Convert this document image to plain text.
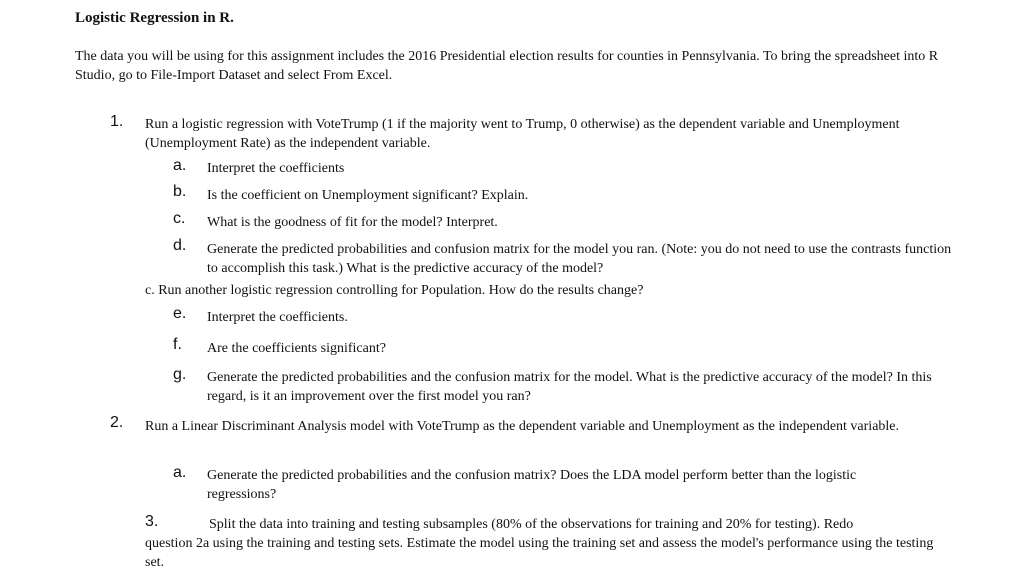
Logistic Regression in R.
The data you will be using for this assignment includes the 2016 Presidential election results for counties in Pennsylvania. To bring the spreadsheet into R Studio, go to File-Import Dataset and select From Excel.
1. Run a logistic regression with VoteTrump (1 if the majority went to Trump, 0 otherwise) as the dependent variable and Unemployment (Unemployment Rate) as the independent variable.
a. Interpret the coefficients
b. Is the coefficient on Unemployment significant? Explain.
c. What is the goodness of fit for the model? Interpret.
d. Generate the predicted probabilities and confusion matrix for the model you ran. (Note: you do not need to use the contrasts function to accomplish this task.) What is the predictive accuracy of the model?
c. Run another logistic regression controlling for Population. How do the results change?
e. Interpret the coefficients.
f. Are the coefficients significant?
g. Generate the predicted probabilities and the confusion matrix for the model. What is the predictive accuracy of the model? In this regard, is it an improvement over the first model you ran?
2. Run a Linear Discriminant Analysis model with VoteTrump as the dependent variable and Unemployment as the independent variable.
a. Generate the predicted probabilities and the confusion matrix? Does the LDA model perform better than the logistic regressions?
3.	Split the data into training and testing subsamples (80% of the observations for training and 20% for testing). Redo
question 2a using the training and testing sets. Estimate the model using the training set and assess the model's performance using the testing set.
